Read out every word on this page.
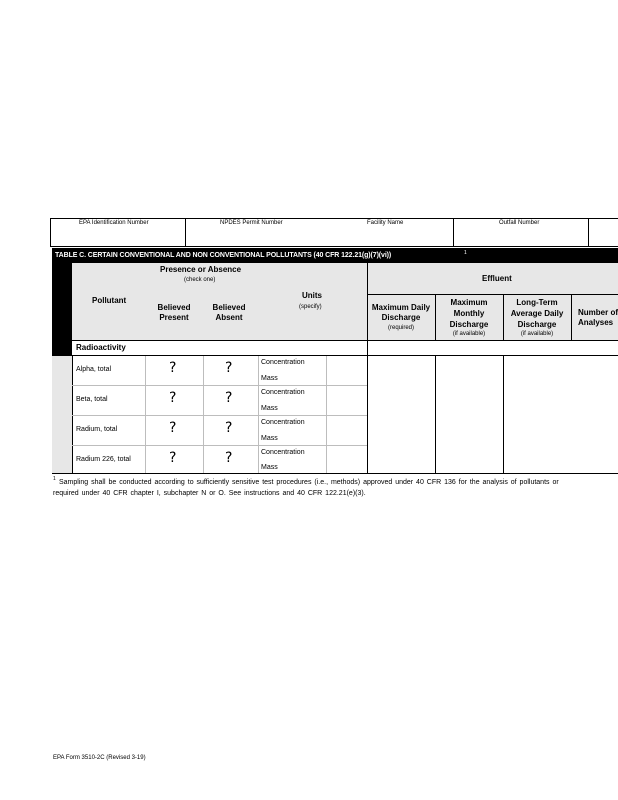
EPA Identification Number	NPDES Permit Number	Facility Name	Outfall Number
TABLE C. CERTAIN CONVENTIONAL AND NON CONVENTIONAL POLLUTANTS (40 CFR 122.21(g)(7)(vi))	1
Pollutant
Presence or Absence
(check one)
Believed Present
Believed Absent
Units
(specify)
Effluent
Maximum Daily Discharge
(required)
Maximum Monthly Discharge
(if available)
Long-Term Average Daily Discharge
(if available)
Number of Analyses
24. Radioactivity
Alpha, total	?	?	Concentration
Mass
Beta, total	?	?	Concentration
Mass
Radium, total	?	?	Concentration
Mass
Radium 226, total	?	?	Concentration
Mass
1 Sampling shall be conducted according to sufficiently sensitive test procedures (i.e., methods) approved under 40 CFR 136 for the analysis of pollutants or
required under 40 CFR chapter I, subchapter N or O. See instructions and 40 CFR 122.21(e)(3).
EPA Form 3510-2C (Revised 3-19)
